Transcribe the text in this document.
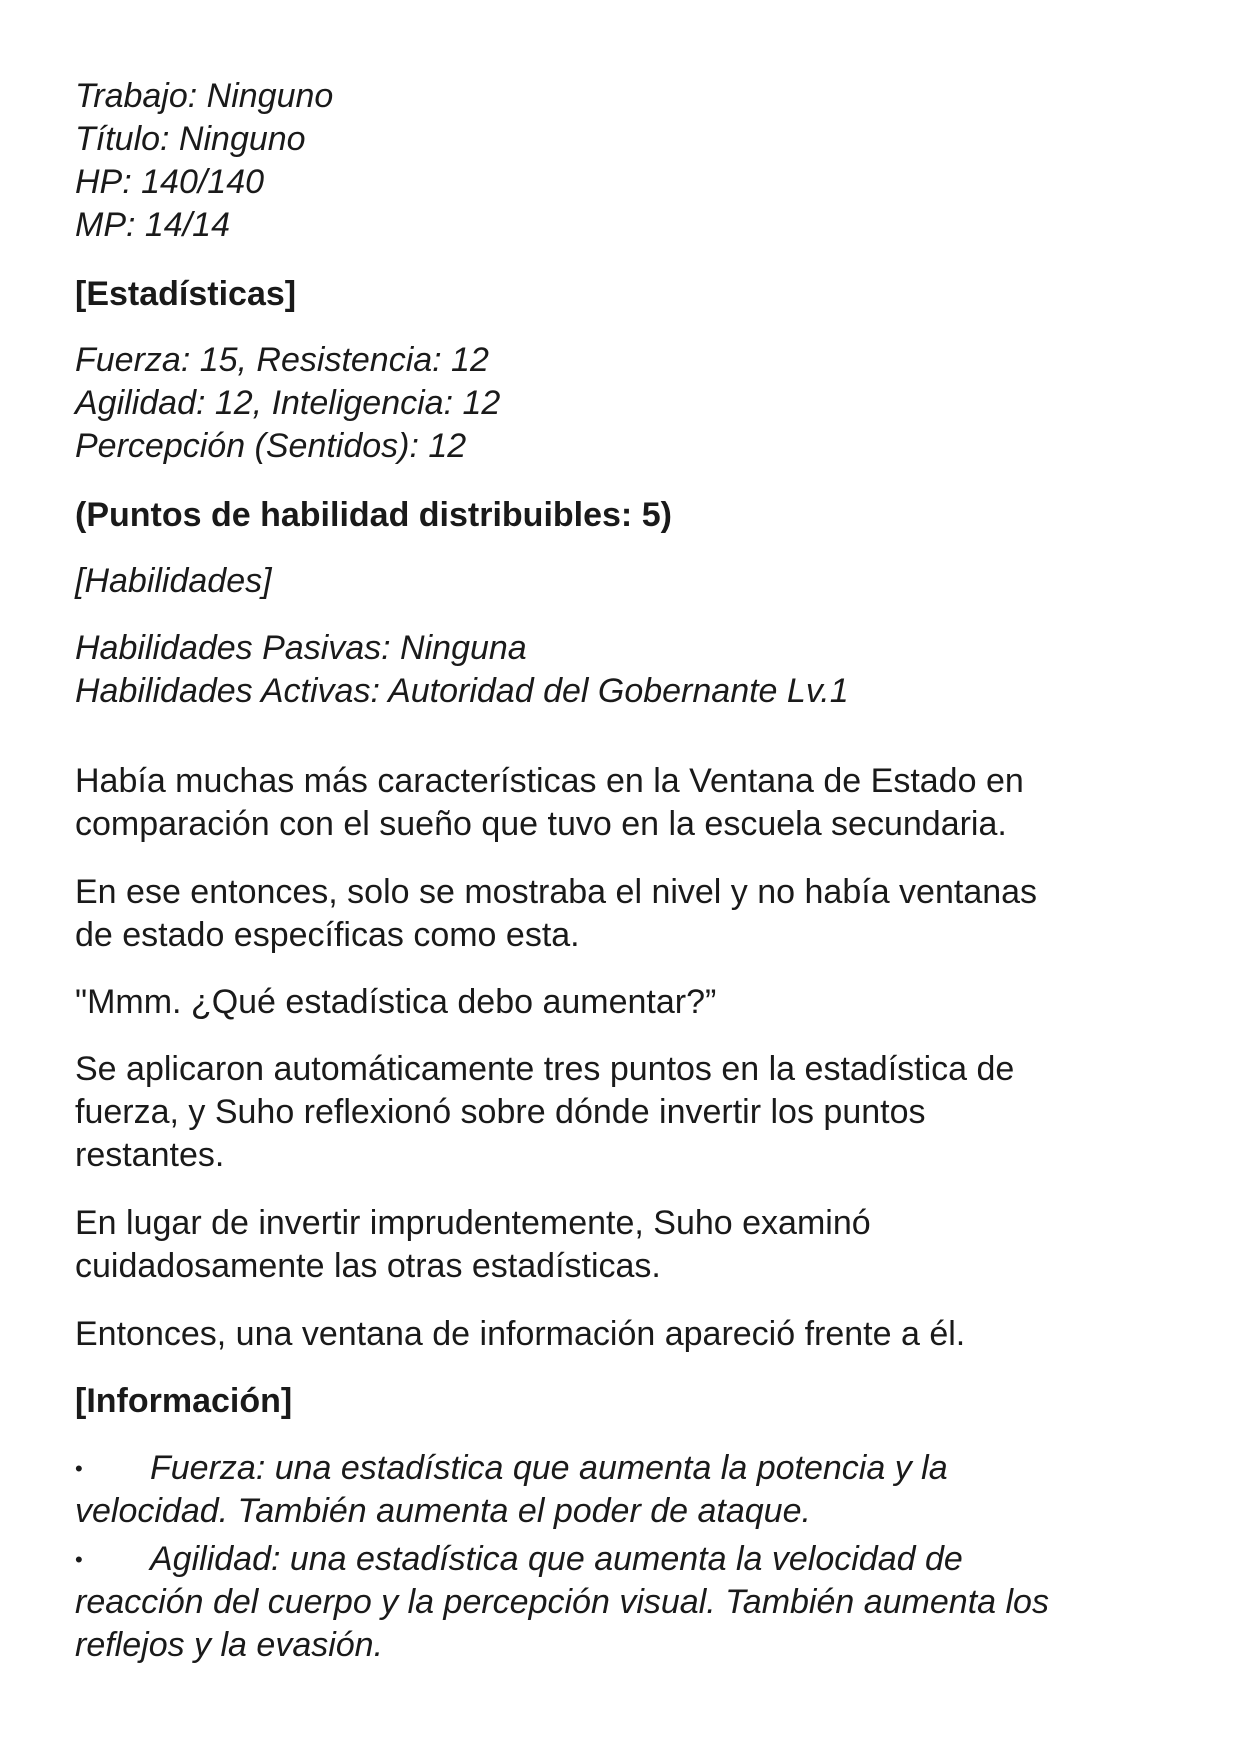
Trabajo: Ninguno
Título: Ninguno
HP: 140/140
MP: 14/14
[Estadísticas]
Fuerza: 15, Resistencia: 12
Agilidad: 12, Inteligencia: 12
Percepción (Sentidos): 12
(Puntos de habilidad distribuibles: 5)
[Habilidades]
Habilidades Pasivas: Ninguna
Habilidades Activas: Autoridad del Gobernante Lv.1
Había muchas más características en la Ventana de Estado en
comparación con el sueño que tuvo en la escuela secundaria.
En ese entonces, solo se mostraba el nivel y no había ventanas
de estado específicas como esta.
"Mmm. ¿Qué estadística debo aumentar?”
Se aplicaron automáticamente tres puntos en la estadística de
fuerza, y Suho reflexionó sobre dónde invertir los puntos
restantes.
En lugar de invertir imprudentemente, Suho examinó
cuidadosamente las otras estadísticas.
Entonces, una ventana de información apareció frente a él.
[Información]
• Fuerza: una estadística que aumenta la potencia y la
velocidad. También aumenta el poder de ataque.
• Agilidad: una estadística que aumenta la velocidad de
reacción del cuerpo y la percepción visual. También aumenta los
reflejos y la evasión.
